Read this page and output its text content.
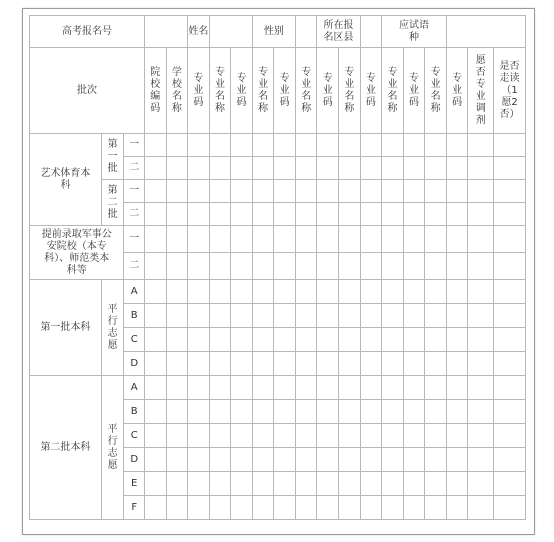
高考报名号					姓名			性别			所在报名区县			应试语种					

批次			院校编码	学校名称	专业码	专业名称	专业码	专业名称	专业码	专业名称	专业码	专业名称	专业码	专业名称	专业码	专业名称	专业码	愿否专业调剂	是否走读（1愿2否）

艺术体育本科	第一批	一																	
		二																	

	第二批	一																	
		二																	

提前录取军事公安院校（本专科）、师范类本科等		一																	
		二																	
第一批本科	平行志愿	A																	
		B																	
		C																	
		D																	
第二批本科	平行志愿	A																	
		B																	
		C																	
		D																	
		E																	
		F																	
